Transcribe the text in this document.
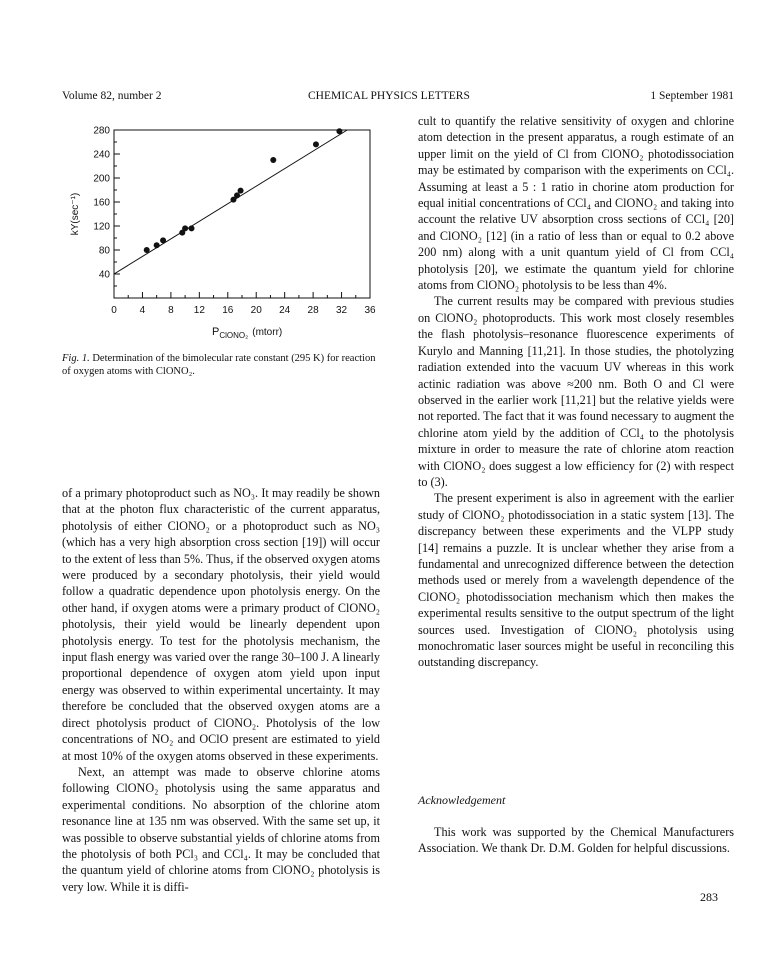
Volume 82, number 2	CHEMICAL PHYSICS LETTERS	1 September 1981
0 4 8 12 16 20 24 28 32 36
40
80
120
160
200
240
280
$P_{ClONO_2}$ (mtorr)
kY(sec⁻¹)
Fig. 1. Determination of the bimolecular rate constant (295 K) for reaction of oxygen atoms with ClONO₂.

of a primary photoproduct such as NO₃. It may readily be shown that at the photon flux characteristic of the current apparatus, photolysis of either ClONO₂ or a photoproduct such as NO₃ (which has a very high absorption cross section [19]) will occur to the extent of less than 5%. Thus, if the observed oxygen atoms were produced by a secondary photolysis, their yield would follow a quadratic dependence upon photolysis energy. On the other hand, if oxygen atoms were a primary product of ClONO₂ photolysis, their yield would be linearly dependent upon photolysis energy. To test for the photolysis mechanism, the input flash energy was varied over the range 30–100 J. A linearly proportional dependence of oxygen atom yield upon input energy was observed to within experimental uncertainty. It may therefore be concluded that the observed oxygen atoms are a direct photolysis product of ClONO₂. Photolysis of the low concentrations of NO₂ and OClO present are estimated to yield at most 10% of the oxygen atoms observed in these experiments.

Next, an attempt was made to observe chlorine atoms following ClONO₂ photolysis using the same apparatus and experimental conditions. No absorption of the chlorine atom resonance line at 135 nm was observed. With the same set up, it was possible to observe substantial yields of chlorine atoms from the photolysis of both PCl₃ and CCl₄. It may be concluded that the quantum yield of chlorine atoms from ClONO₂ photolysis is very low. While it is diffi-

cult to quantify the relative sensitivity of oxygen and chlorine atom detection in the present apparatus, a rough estimate of an upper limit on the yield of Cl from ClONO₂ photodissociation may be estimated by comparison with the experiments on CCl₄. Assuming at least a 5 : 1 ratio in chorine atom production for equal initial concentrations of CCl₄ and ClONO₂ and taking into account the relative UV absorption cross sections of CCl₄ [20] and ClONO₂ [12] (in a ratio of less than or equal to 0.2 above 200 nm) along with a unit quantum yield of Cl from CCl₄ photolysis [20], we estimate the quantum yield for chlorine atoms from ClONO₂ photolysis to be less than 4%.

The current results may be compared with previous studies on ClONO₂ photoproducts. This work most closely resembles the flash photolysis–resonance fluorescence experiments of Kurylo and Manning [11,21]. In those studies, the photolyzing radiation extended into the vacuum UV whereas in this work actinic radiation was above ≈200 nm. Both O and Cl were observed in the earlier work [11,21] but the relative yields were not reported. The fact that it was found necessary to augment the chlorine atom yield by the addition of CCl₄ to the photolysis mixture in order to measure the rate of chlorine atom reaction with ClONO₂ does suggest a low efficiency for (2) with respect to (3).

The present experiment is also in agreement with the earlier study of ClONO₂ photodissociation in a static system [13]. The discrepancy between these experiments and the VLPP study [14] remains a puzzle. It is unclear whether they arise from a fundamental and unrecognized difference between the detection methods used or merely from a wavelength dependence of the ClONO₂ photodissociation mechanism which then makes the experimental results sensitive to the output spectrum of the light sources used. Investigation of ClONO₂ photolysis using monochromatic laser sources might be useful in reconciling this outstanding discrepancy.

Acknowledgement
This work was supported by the Chemical Manufacturers Association. We thank Dr. D.M. Golden for helpful discussions.
283
